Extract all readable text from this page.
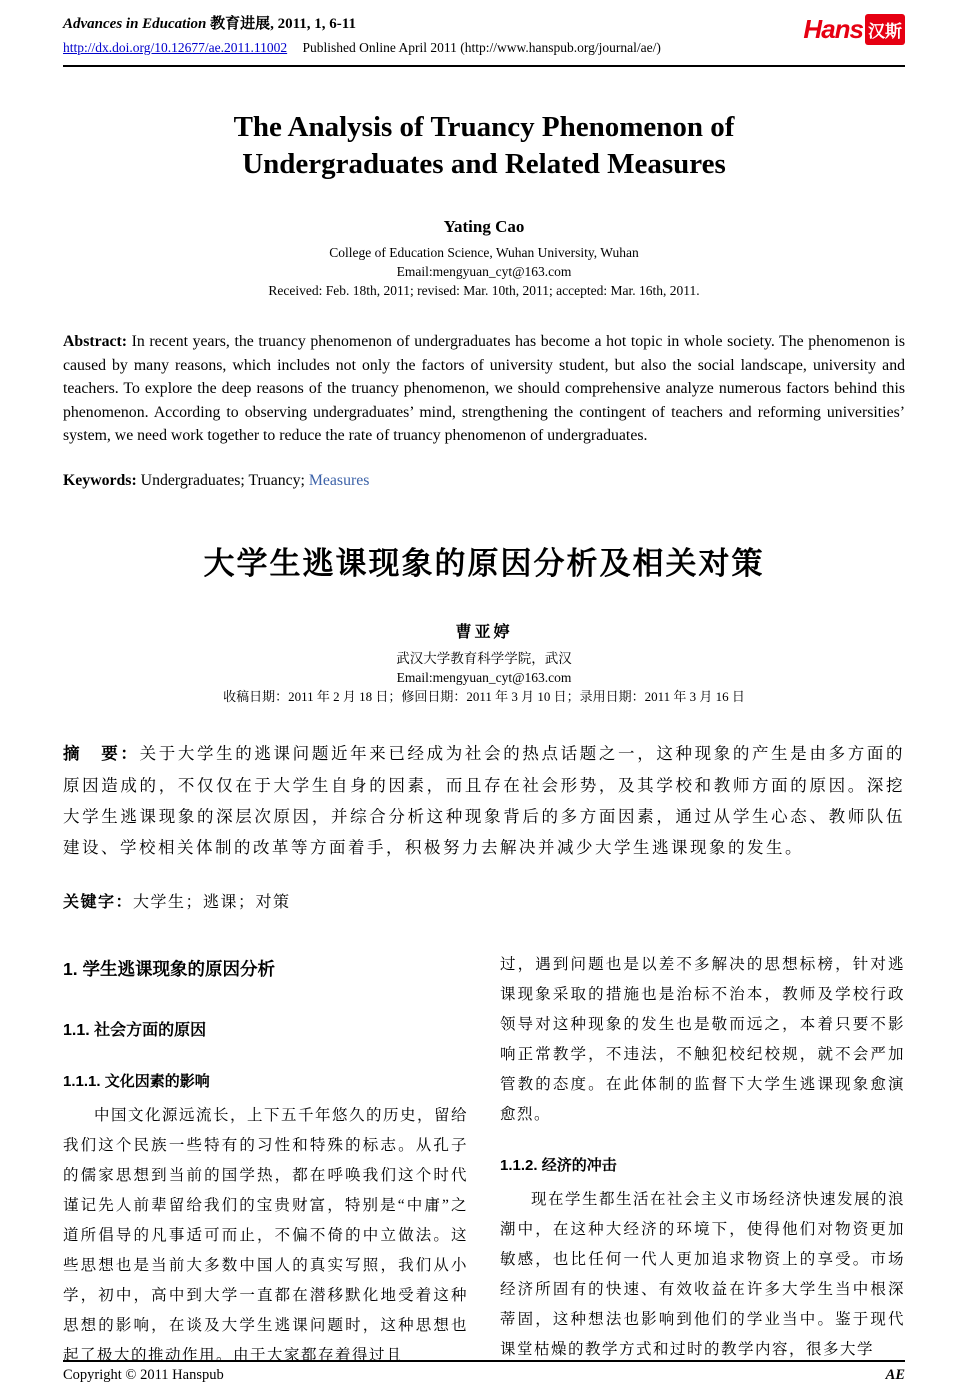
Advances in Education 教育进展, 2011, 1, 6-11
http://dx.doi.org/10.12677/ae.2011.11002 Published Online April 2011 (http://www.hanspub.org/journal/ae/)
Hans 汉斯
The Analysis of Truancy Phenomenon of Undergraduates and Related Measures
Yating Cao
College of Education Science, Wuhan University, Wuhan
Email:mengyuan_cyt@163.com
Received: Feb. 18th, 2011; revised: Mar. 10th, 2011; accepted: Mar. 16th, 2011.

Abstract: In recent years, the truancy phenomenon of undergraduates has become a hot topic in whole society. The phenomenon is caused by many reasons, which includes not only the factors of university student, but also the social landscape, university and teachers. To explore the deep reasons of the truancy phenomenon, we should comprehensive analyze numerous factors behind this phenomenon. According to observing undergraduates’ mind, strengthening the contingent of teachers and reforming universities’ system, we need work together to reduce the rate of truancy phenomenon of undergraduates.

Keywords: Undergraduates; Truancy; Measures

大学生逃课现象的原因分析及相关对策
曹亚婷
武汉大学教育科学学院，武汉
Email:mengyuan_cyt@163.com
收稿日期：2011 年 2 月 18 日；修回日期：2011 年 3 月 10 日；录用日期：2011 年 3 月 16 日

摘　要：关于大学生的逃课问题近年来已经成为社会的热点话题之一，这种现象的产生是由多方面的原因造成的，不仅仅在于大学生自身的因素，而且存在社会形势，及其学校和教师方面的原因。深挖大学生逃课现象的深层次原因，并综合分析这种现象背后的多方面因素，通过从学生心态、教师队伍建设、学校相关体制的改革等方面着手，积极努力去解决并减少大学生逃课现象的发生。

关键字：大学生；逃课；对策

1. 学生逃课现象的原因分析
1.1. 社会方面的原因
1.1.1. 文化因素的影响

中国文化源远流长，上下五千年悠久的历史，留给我们这个民族一些特有的习性和特殊的标志。从孔子的儒家思想到当前的国学热，都在呼唤我们这个时代谨记先人前辈留给我们的宝贵财富，特别是“中庸”之道所倡导的凡事适可而止，不偏不倚的中立做法。这些思想也是当前大多数中国人的真实写照，我们从小学，初中，高中到大学一直都在潜移默化地受着这种思想的影响，在谈及大学生逃课问题时，这种思想也起了极大的推动作用。由于大家都存着得过且

过，遇到问题也是以差不多解决的思想标榜，针对逃课现象采取的措施也是治标不治本，教师及学校行政领导对这种现象的发生也是敬而远之，本着只要不影响正常教学，不违法，不触犯校纪校规，就不会严加管教的态度。在此体制的监督下大学生逃课现象愈演愈烈。

1.1.2. 经济的冲击

现在学生都生活在社会主义市场经济快速发展的浪潮中，在这种大经济的环境下，使得他们对物资更加敏感，也比任何一代人更加追求物资上的享受。市场经济所固有的快速、有效收益在许多大学生当中根深蒂固，这种想法也影响到他们的学业当中。鉴于现代课堂枯燥的教学方式和过时的教学内容，很多大学

Copyright © 2011 Hanspub	AE
